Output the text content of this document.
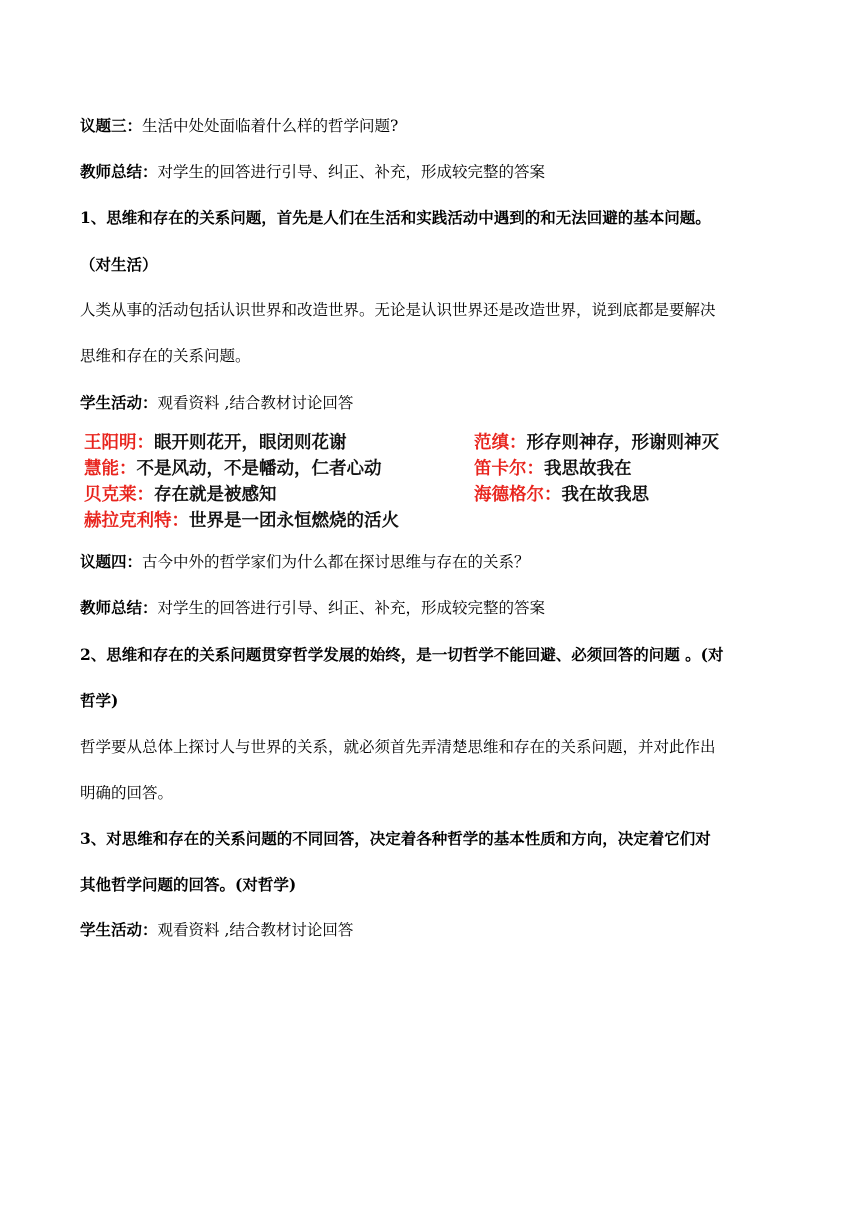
议题三：生活中处处面临着什么样的哲学问题?
教师总结：对学生的回答进行引导、纠正、补充，形成较完整的答案
1、思维和存在的关系问题，首先是人们在生活和实践活动中遇到的和无法回避的基本问题。
（对生活）
人类从事的活动包括认识世界和改造世界。无论是认识世界还是改造世界，说到底都是要解决
思维和存在的关系问题。
学生活动：观看资料 ,结合教材讨论回答
王阳明：眼开则花开，眼闭则花谢	范缜：形存则神存，形谢则神灭
慧能：不是风动，不是幡动，仁者心动	笛卡尔：我思故我在
贝克莱：存在就是被感知	海德格尔：我在故我思
赫拉克利特：世界是一团永恒燃烧的活火
议题四：古今中外的哲学家们为什么都在探讨思维与存在的关系？
教师总结：对学生的回答进行引导、纠正、补充，形成较完整的答案
2、思维和存在的关系问题贯穿哲学发展的始终，是一切哲学不能回避、必须回答的问题 。(对
哲学)
哲学要从总体上探讨人与世界的关系，就必须首先弄清楚思维和存在的关系问题，并对此作出
明确的回答。
3、对思维和存在的关系问题的不同回答，决定着各种哲学的基本性质和方向，决定着它们对
其他哲学问题的回答。(对哲学)
学生活动：观看资料 ,结合教材讨论回答
